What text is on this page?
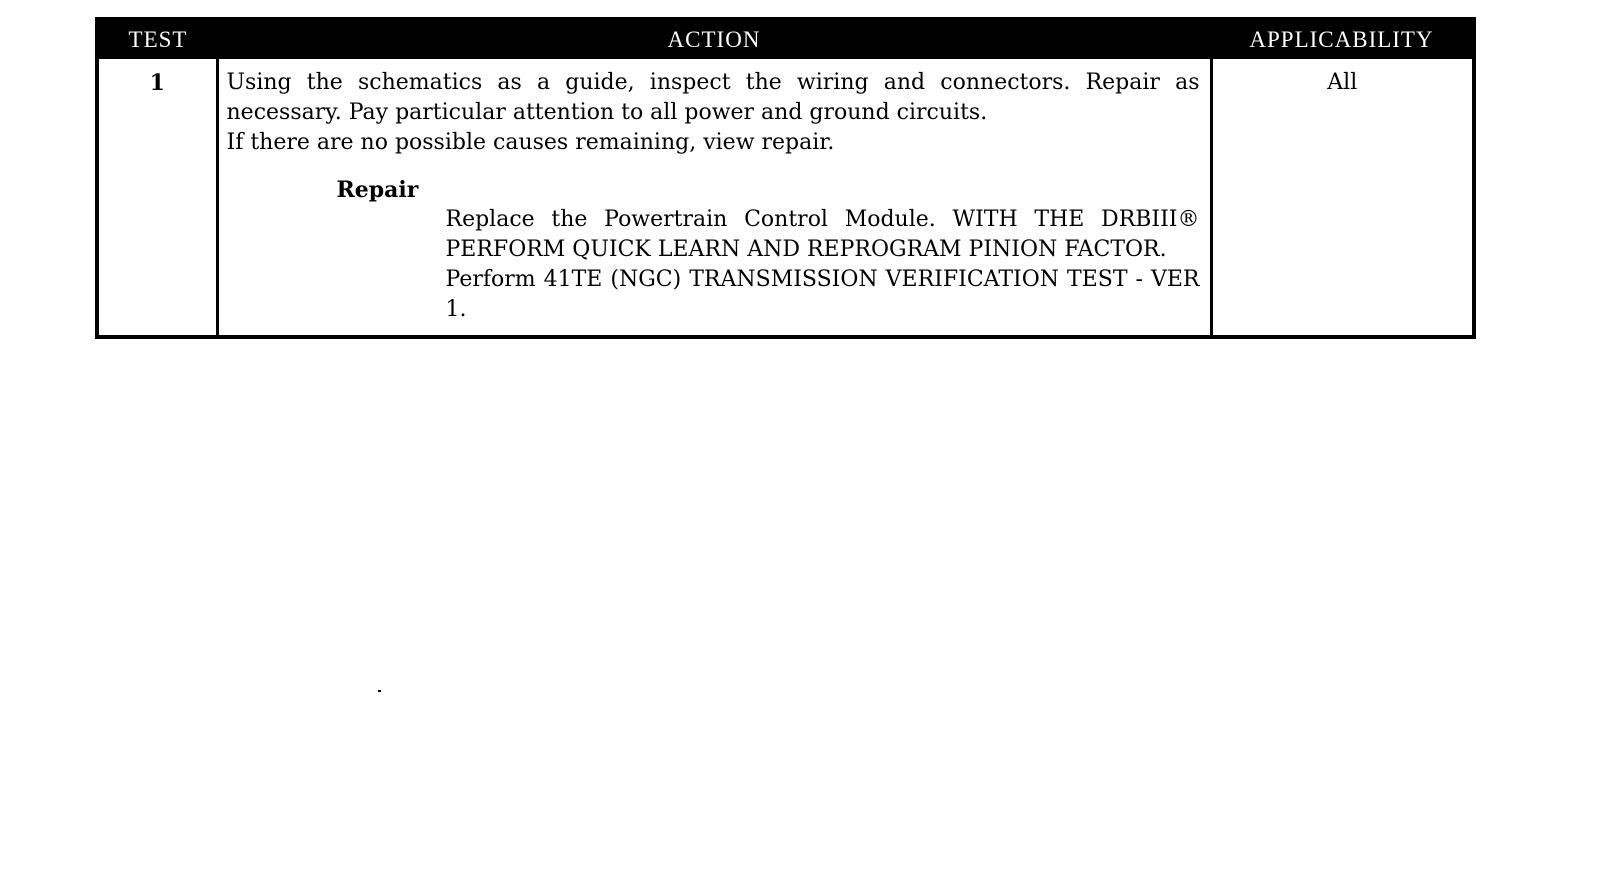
TEST	ACTION	APPLICABILITY
1	Using the schematics as a guide, inspect the wiring and connectors. Repair as necessary. Pay particular attention to all power and ground circuits.
If there are no possible causes remaining, view repair.
Repair
Replace the Powertrain Control Module. WITH THE DRBIII® PERFORM QUICK LEARN AND REPROGRAM PINION FACTOR.
Perform 41TE (NGC) TRANSMISSION VERIFICATION TEST - VER 1.	All
